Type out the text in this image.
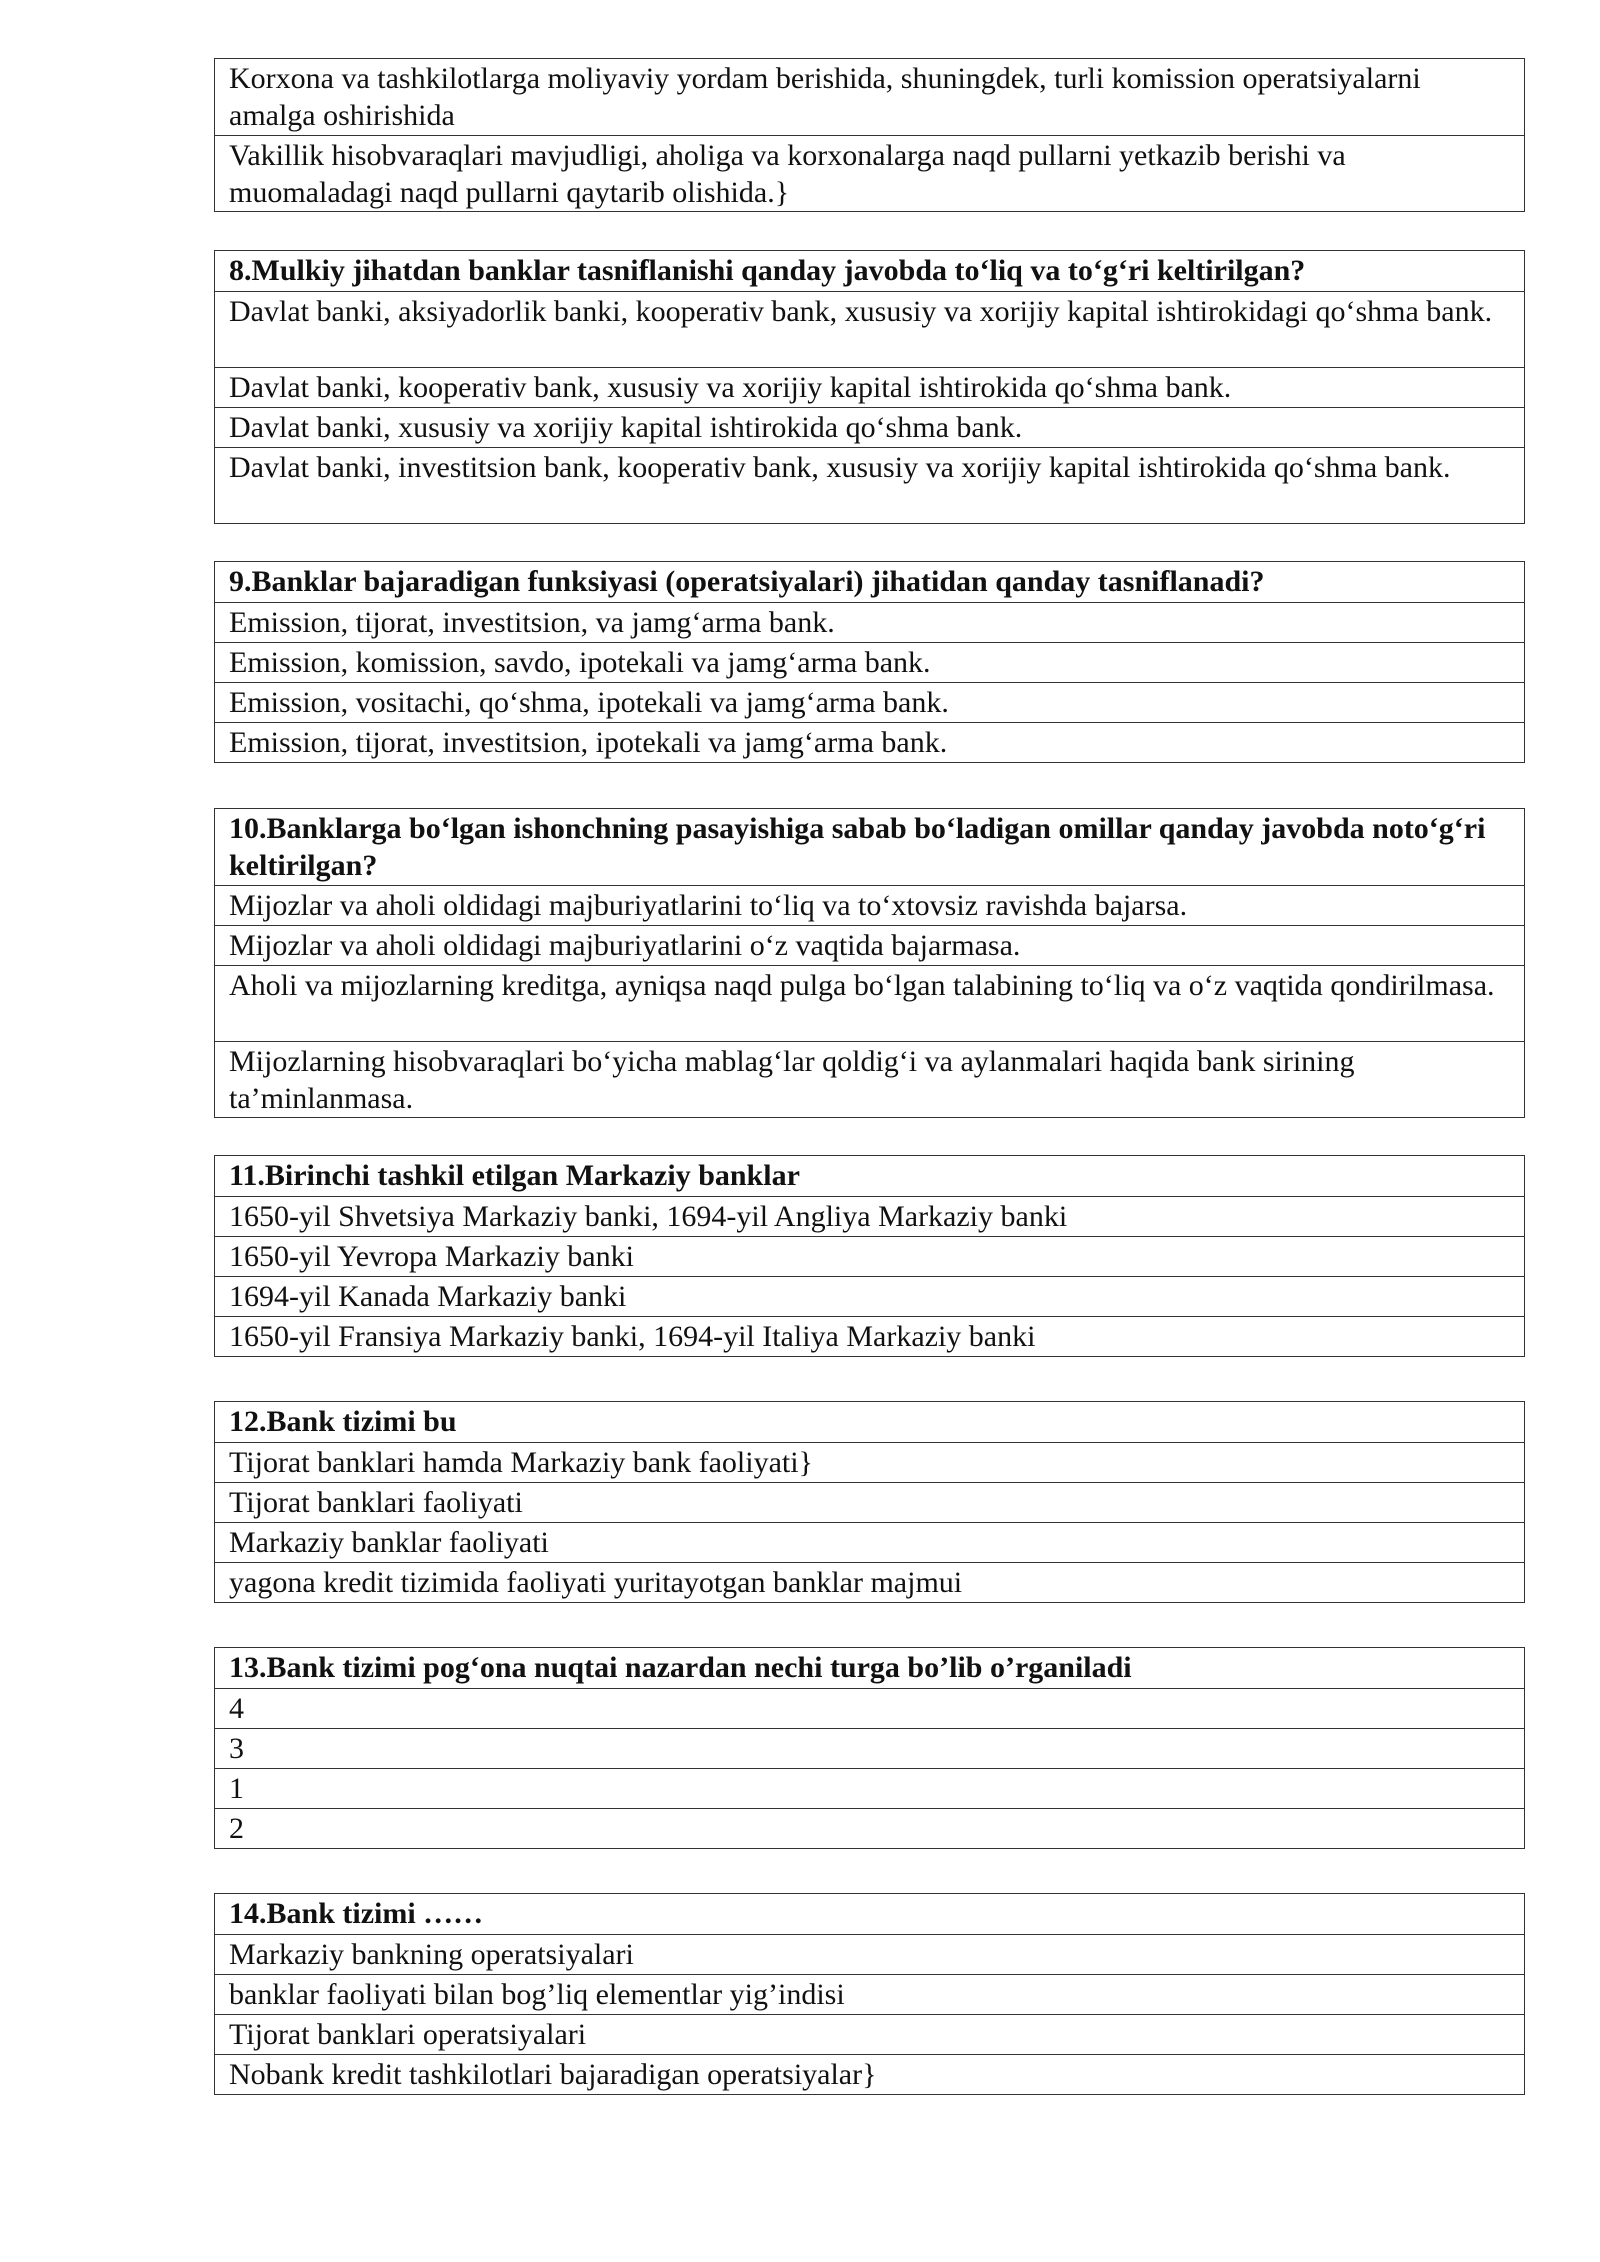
Korxona va tashkilotlarga moliyaviy yordam berishida, shuningdek, turli komission operatsiyalarni amalga oshirishida
Vakillik hisobvaraqlari mavjudligi, aholiga va korxonalarga naqd pullarni yetkazib berishi va muomaladagi naqd pullarni qaytarib olishida.}
8.Mulkiy jihatdan banklar tasniflanishi qanday javobda to‘liq va to‘g‘ri keltirilgan?
Davlat banki, aksiyadorlik banki, kooperativ bank, xususiy va xorijiy kapital ishtirokidagi qo‘shma bank.
Davlat banki, kooperativ bank, xususiy va xorijiy kapital ishtirokida qo‘shma bank.
Davlat banki, xususiy va xorijiy kapital ishtirokida qo‘shma bank.
Davlat banki, investitsion bank, kooperativ bank, xususiy va xorijiy kapital ishtirokida qo‘shma bank.
9.Banklar bajaradigan funksiyasi (operatsiyalari) jihatidan qanday tasniflanadi?
Emission, tijorat, investitsion, va jamg‘arma bank.
Emission, komission, savdo, ipotekali va jamg‘arma bank.
Emission, vositachi, qo‘shma, ipotekali va jamg‘arma bank.
Emission, tijorat, investitsion, ipotekali va jamg‘arma bank.
10.Banklarga bo‘lgan ishonchning pasayishiga sabab bo‘ladigan omillar qanday javobda noto‘g‘ri keltirilgan?
Mijozlar va aholi oldidagi majburiyatlarini to‘liq va to‘xtovsiz ravishda bajarsa.
Mijozlar va aholi oldidagi majburiyatlarini o‘z vaqtida bajarmasa.
Aholi va mijozlarning kreditga, ayniqsa naqd pulga bo‘lgan talabining to‘liq va o‘z vaqtida qondirilmasa.
Mijozlarning hisobvaraqlari bo‘yicha mablag‘lar qoldig‘i va aylanmalari haqida bank sirining ta’minlanmasa.
11.Birinchi tashkil etilgan Markaziy banklar
1650-yil Shvetsiya Markaziy banki, 1694-yil Angliya Markaziy banki
1650-yil Yevropa Markaziy banki
1694-yil Kanada Markaziy banki
1650-yil Fransiya Markaziy banki, 1694-yil Italiya Markaziy banki
12.Bank tizimi bu
Tijorat banklari hamda Markaziy bank faoliyati}
Tijorat banklari faoliyati
Markaziy banklar faoliyati
yagona kredit tizimida faoliyati yuritayotgan banklar majmui
13.Bank tizimi pog‘ona nuqtai nazardan nechi turga bo’lib o’rganiladi
4
3
1
2
14.Bank tizimi ……
Markaziy bankning operatsiyalari
banklar faoliyati bilan bog’liq elementlar yig’indisi
Tijorat banklari operatsiyalari
Nobank kredit tashkilotlari bajaradigan operatsiyalar}
